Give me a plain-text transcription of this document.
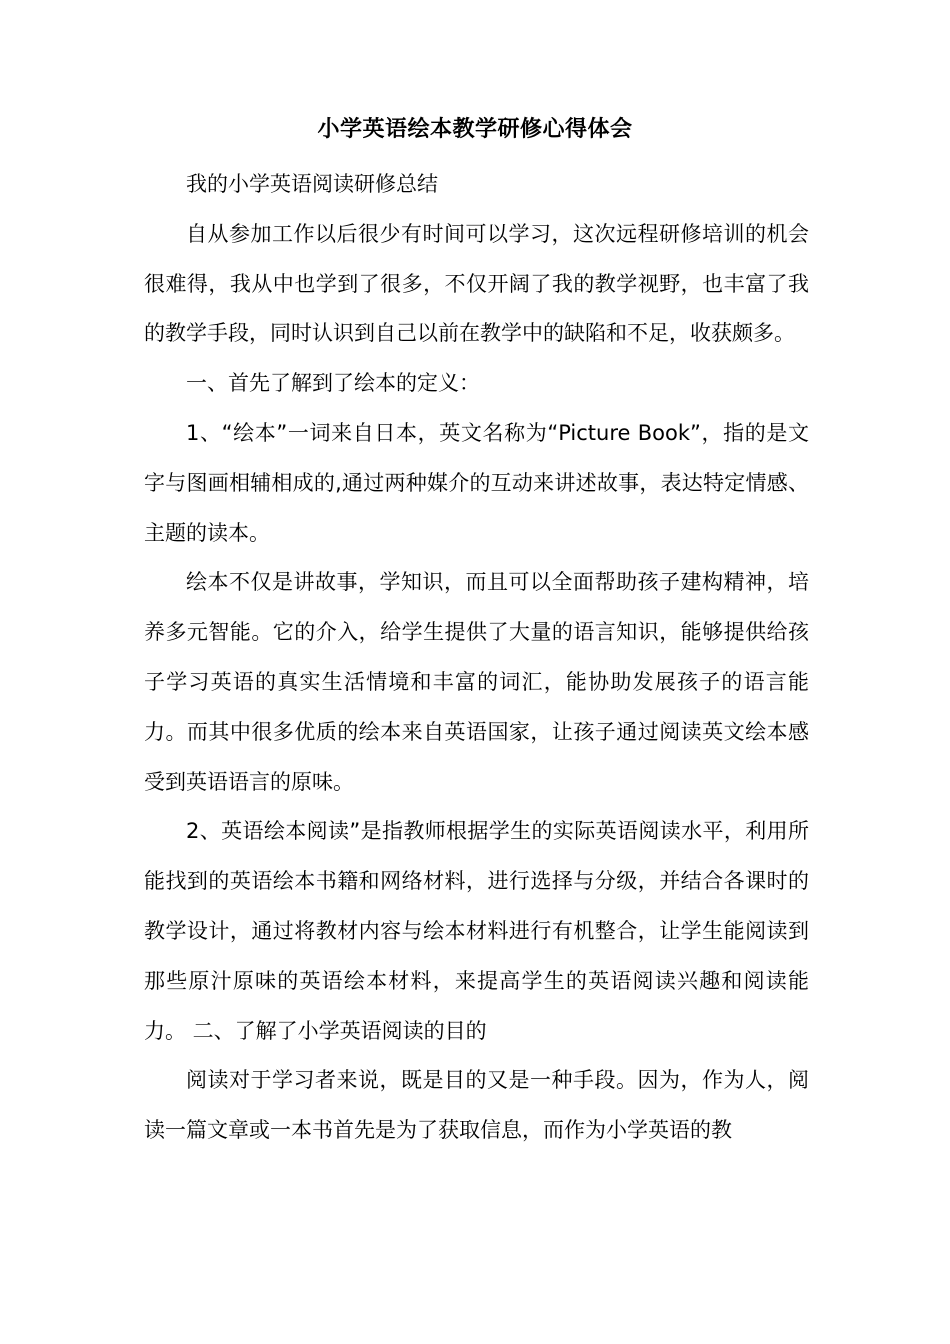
小学英语绘本教学研修心得体会

我的小学英语阅读研修总结

自从参加工作以后很少有时间可以学习，这次远程研修培训的机会很难得，我从中也学到了很多，不仅开阔了我的教学视野，也丰富了我的教学手段，同时认识到自己以前在教学中的缺陷和不足，收获颇多。

一、首先了解到了绘本的定义：

1、“绘本”一词来自日本，英文名称为“Picture Book”，指的是文字与图画相辅相成的,通过两种媒介的互动来讲述故事，表达特定情感、主题的读本。

绘本不仅是讲故事，学知识，而且可以全面帮助孩子建构精神，培养多元智能。它的介入，给学生提供了大量的语言知识，能够提供给孩子学习英语的真实生活情境和丰富的词汇，能协助发展孩子的语言能力。而其中很多优质的绘本来自英语国家，让孩子通过阅读英文绘本感受到英语语言的原味。

2、英语绘本阅读”是指教师根据学生的实际英语阅读水平，利用所能找到的英语绘本书籍和网络材料，进行选择与分级，并结合各课时的教学设计，通过将教材内容与绘本材料进行有机整合，让学生能阅读到那些原汁原味的英语绘本材料，来提高学生的英语阅读兴趣和阅读能力。 二、了解了小学英语阅读的目的

阅读对于学习者来说，既是目的又是一种手段。因为，作为人，阅读一篇文章或一本书首先是为了获取信息，而作为小学英语的教
